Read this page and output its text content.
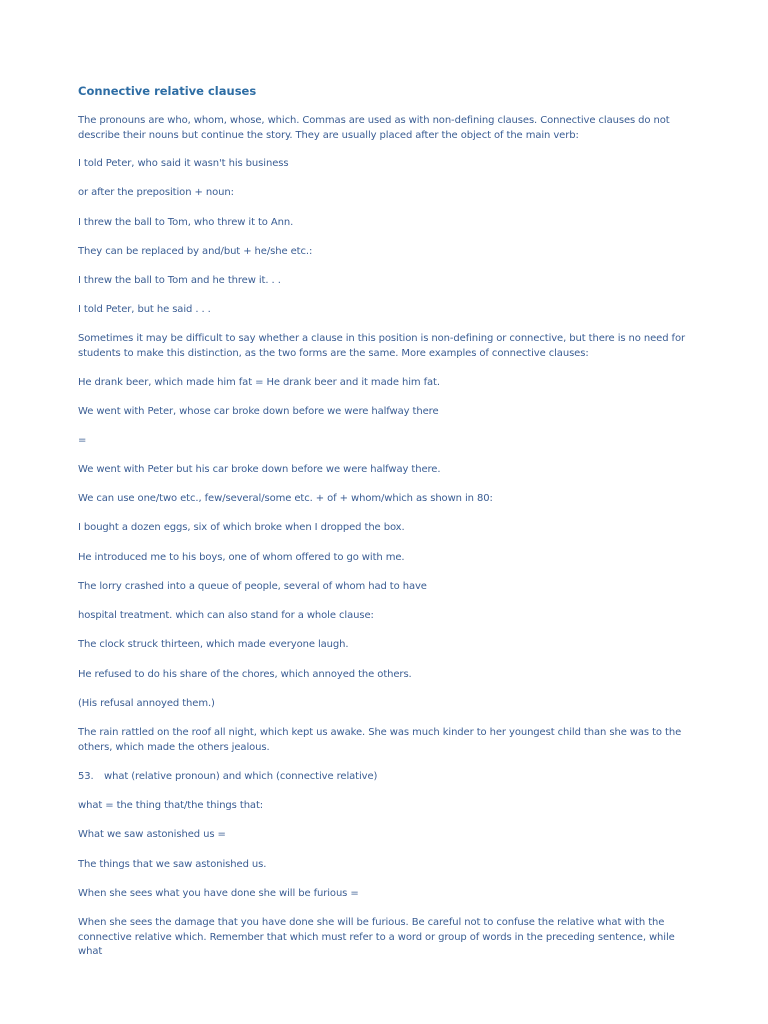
Connective relative clauses

The pronouns are who, whom, whose, which. Commas are used as with non-defining clauses. Connective clauses do not describe their nouns but continue the story. They are usually placed after the object of the main verb:

I told Peter, who said it wasn't his business

or after the preposition + noun:

I threw the ball to Tom, who threw it to Ann.

They can be replaced by and/but + he/she etc.:

I threw the ball to Tom and he threw it. . .

I told Peter, but he said . . .

Sometimes it may be difficult to say whether a clause in this position is non-defining or connective, but there is no need for students to make this distinction, as the two forms are the same. More examples of connective clauses:

He drank beer, which made him fat = He drank beer and it made him fat.

We went with Peter, whose car broke down before we were halfway there

=

We went with Peter but his car broke down before we were halfway there.

We can use one/two etc., few/several/some etc. + of + whom/which as shown in 80:

I bought a dozen eggs, six of which broke when I dropped the box.

He introduced me to his boys, one of whom offered to go with me.

The lorry crashed into a queue of people, several of whom had to have

hospital treatment. which can also stand for a whole clause:

The clock struck thirteen, which made everyone laugh.

He refused to do his share of the chores, which annoyed the others.

(His refusal annoyed them.)

The rain rattled on the roof all night, which kept us awake. She was much kinder to her youngest child than she was to the others, which made the others jealous.

53. what (relative pronoun) and which (connective relative)

what = the thing that/the things that:

What we saw astonished us =

The things that we saw astonished us.

When she sees what you have done she will be furious =

When she sees the damage that you have done she will be furious. Be careful not to confuse the relative what with the connective relative which. Remember that which must refer to a word or group of words in the preceding sentence, while what
